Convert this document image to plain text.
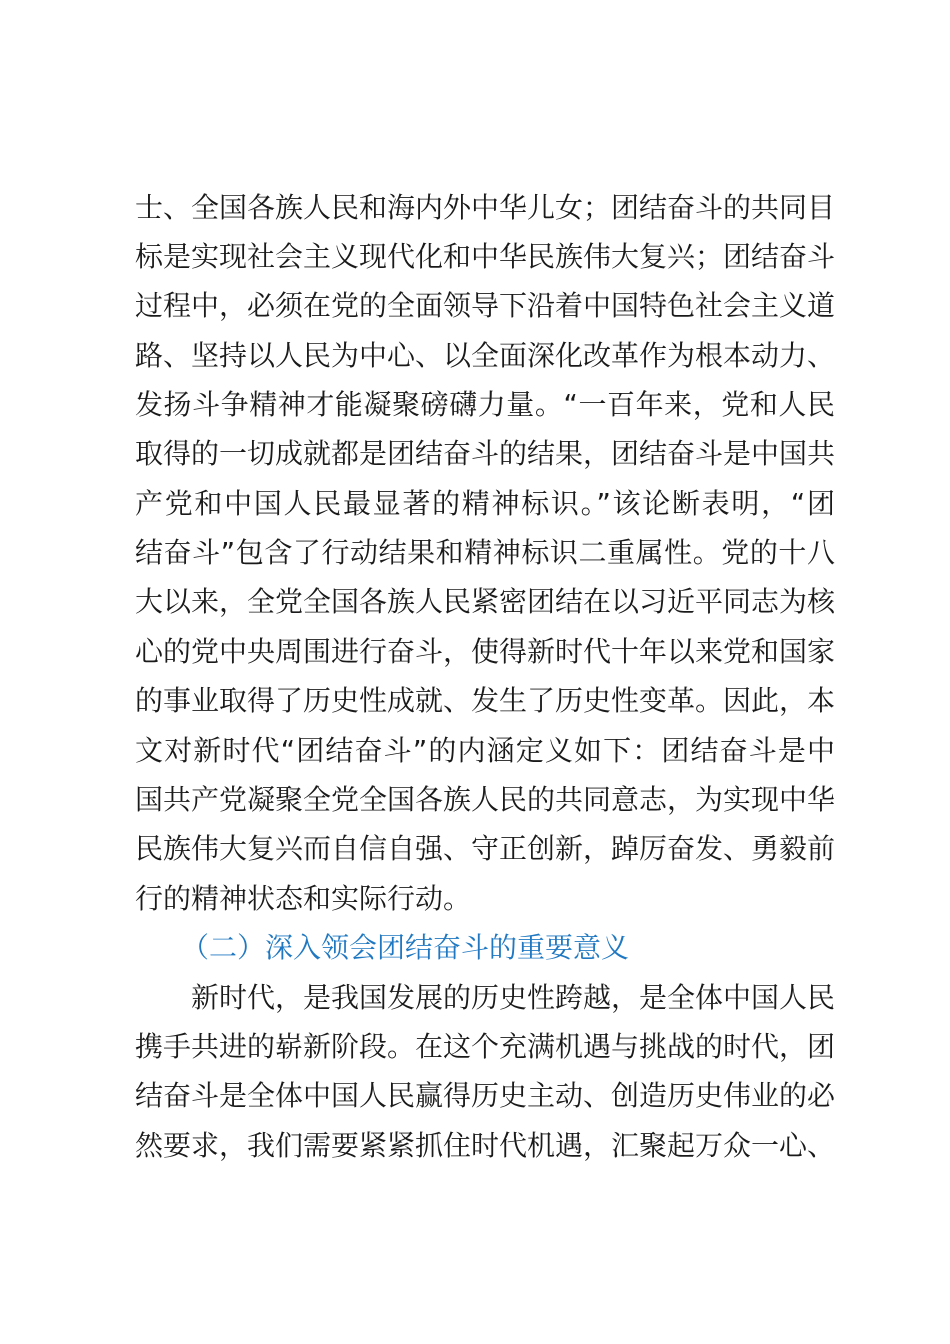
士、全国各族人民和海内外中华儿女；团结奋斗的共同目
标是实现社会主义现代化和中华民族伟大复兴；团结奋斗
过程中，必须在党的全面领导下沿着中国特色社会主义道
路、坚持以人民为中心、以全面深化改革作为根本动力、
发扬斗争精神才能凝聚磅礴力量。“一百年来，党和人民
取得的一切成就都是团结奋斗的结果，团结奋斗是中国共
产党和中国人民最显著的精神标识。”该论断表明，“团
结奋斗”包含了行动结果和精神标识二重属性。党的十八
大以来，全党全国各族人民紧密团结在以习近平同志为核
心的党中央周围进行奋斗，使得新时代十年以来党和国家
的事业取得了历史性成就、发生了历史性变革。因此，本
文对新时代“团结奋斗”的内涵定义如下：团结奋斗是中
国共产党凝聚全党全国各族人民的共同意志，为实现中华
民族伟大复兴而自信自强、守正创新，踔厉奋发、勇毅前
行的精神状态和实际行动。
（二）深入领会团结奋斗的重要意义
新时代，是我国发展的历史性跨越，是全体中国人民
携手共进的崭新阶段。在这个充满机遇与挑战的时代，团
结奋斗是全体中国人民赢得历史主动、创造历史伟业的必
然要求，我们需要紧紧抓住时代机遇，汇聚起万众一心、
